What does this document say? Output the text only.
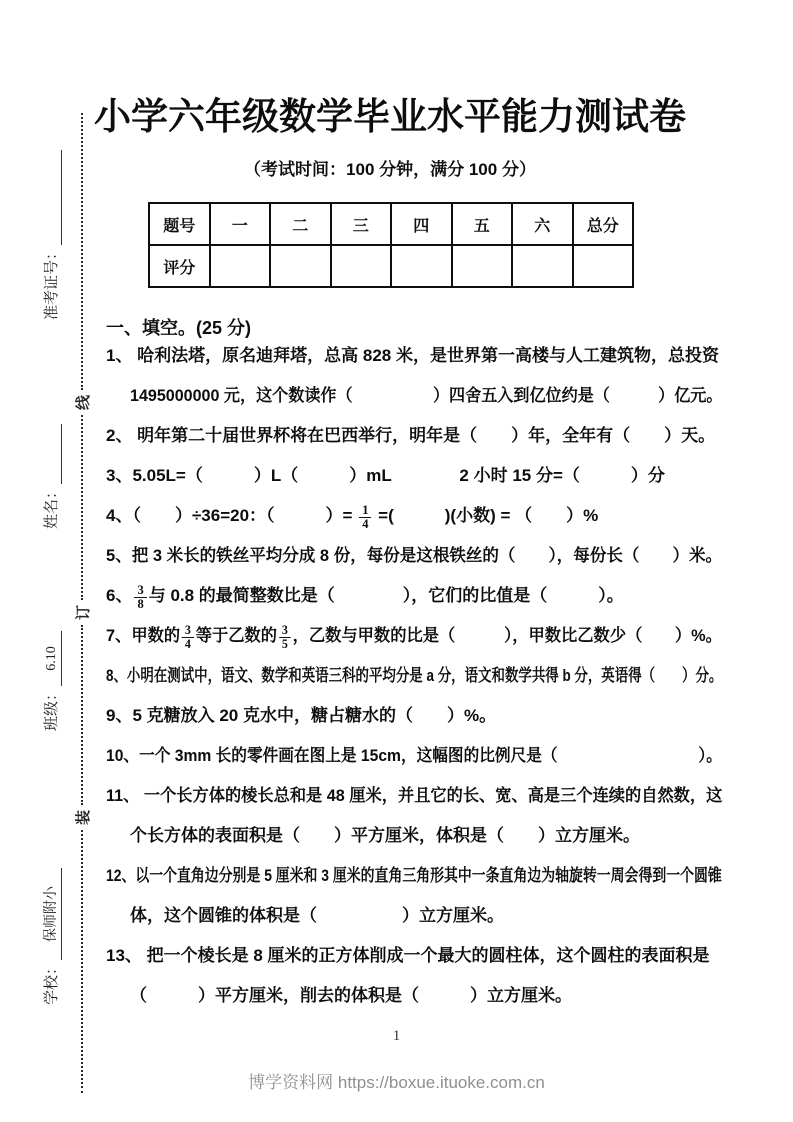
装
订
线
学校：
保师附小
班级：
6.10
姓名：
准考证号：
小学六年级数学毕业水平能力测试卷
（考试时间：100 分钟，满分 100 分）
题号	一	二	三	四	五	六	总分
评分							
一、填空。(25 分)
1、 哈利法塔，原名迪拜塔，总高 828 米，是世界第一高楼与人工建筑物，总投资
1495000000 元，这个数读作（　　　　　）四舍五入到亿位约是（　　　）亿元。
2、 明年第二十届世界杯将在巴西举行，明年是（　　）年，全年有（　　）天。
3、5.05L=（　　　）L（　　　）mL　　　　2 小时 15 分=（　　　）分
4、（　　）÷36=20：（　　　）= $\frac{1}{4}$ =(　　　)(小数) = （　　）%
5、把 3 米长的铁丝平均分成 8 份，每份是这根铁丝的（　　），每份长（　　）米。
6、 $\frac{3}{8}$ 与 0.8 的最简整数比是（　　　　），它们的比值是（　　　）。
7、甲数的 $\frac{3}{4}$ 等于乙数的 $\frac{3}{5}$ ，乙数与甲数的比是（　　　），甲数比乙数少（　　）%。
8、小明在测试中，语文、数学和英语三科的平均分是 a 分，语文和数学共得 b 分，英语得（　　）分。
9、5 克糖放入 20 克水中，糖占糖水的（　　）%。
10、一个 3mm 长的零件画在图上是 15cm，这幅图的比例尺是（　　　　　　　　　）。
11、 一个长方体的棱长总和是 48 厘米，并且它的长、宽、高是三个连续的自然数，这
个长方体的表面积是（　　）平方厘米，体积是（　　）立方厘米。
12、以一个直角边分别是 5 厘米和 3 厘米的直角三角形其中一条直角边为轴旋转一周会得到一个圆锥
体，这个圆锥的体积是（　　　　　）立方厘米。
13、 把一个棱长是 8 厘米的正方体削成一个最大的圆柱体，这个圆柱的表面积是
（　　　）平方厘米，削去的体积是（　　　）立方厘米。
1
博学资料网 https://boxue.ituoke.com.cn
